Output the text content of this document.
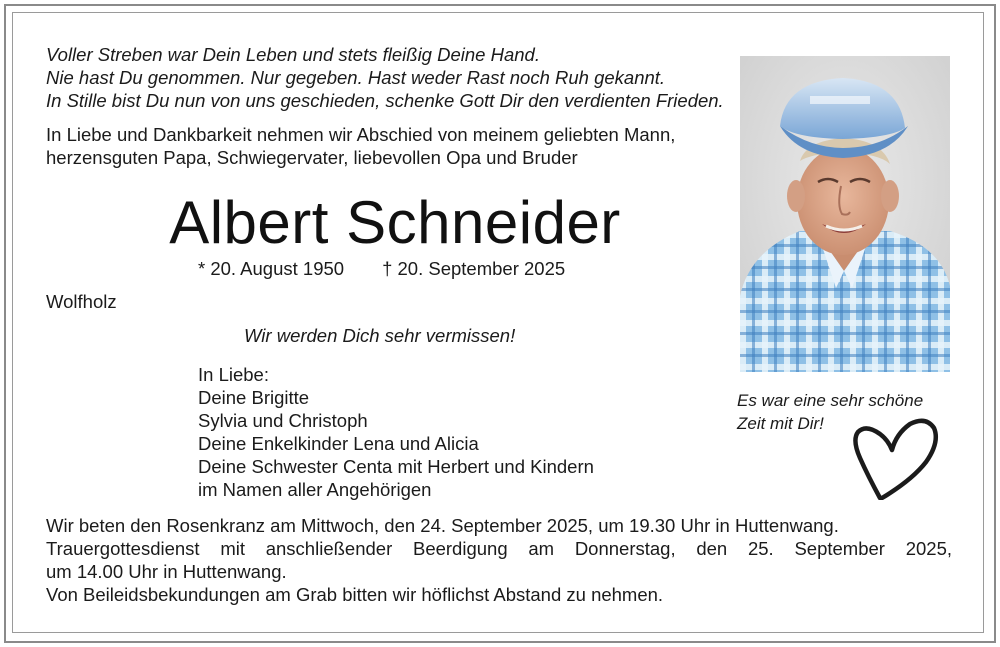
Voller Streben war Dein Leben und stets fleißig Deine Hand.
Nie hast Du genommen. Nur gegeben. Hast weder Rast noch Ruh gekannt.
In Stille bist Du nun von uns geschieden, schenke Gott Dir den verdienten Frieden.
In Liebe und Dankbarkeit nehmen wir Abschied von meinem geliebten Mann,
herzensguten Papa, Schwiegervater, liebevollen Opa und Bruder
Albert Schneider
* 20. August 1950 † 20. September 2025
Wolfholz
Wir werden Dich sehr vermissen!
In Liebe:
Deine Brigitte
Sylvia und Christoph
Deine Enkelkinder Lena und Alicia
Deine Schwester Centa mit Herbert und Kindern
im Namen aller Angehörigen
Wir beten den Rosenkranz am Mittwoch, den 24. September 2025, um 19.30 Uhr in Huttenwang.
Trauergottesdienst mit anschließender Beerdigung am Donnerstag, den 25. September 2025,
um 14.00 Uhr in Huttenwang.
Von Beileidsbekundungen am Grab bitten wir höflichst Abstand zu nehmen.
Es war eine sehr schöne
Zeit mit Dir!
